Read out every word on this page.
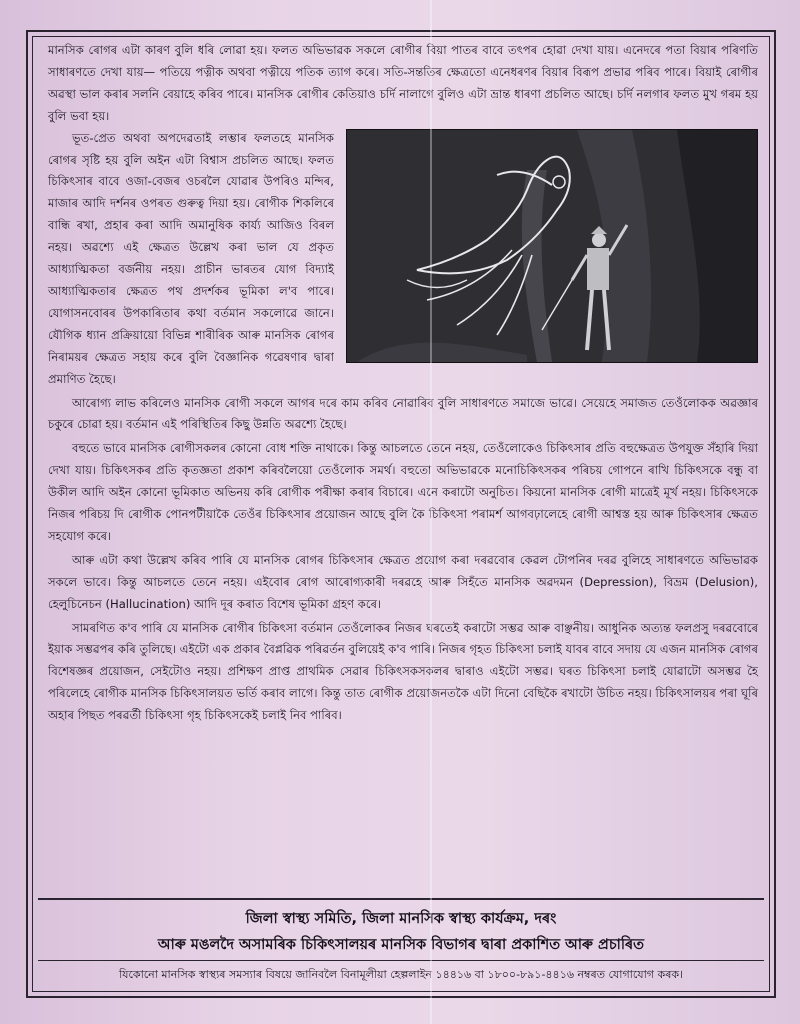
মানসিক ৰোগৰ এটা কাৰণ বুলি ধৰি লোৱা হয়। ফলত অভিভাৱক সকলে ৰোগীৰ বিয়া পাতৰ বাবে তৎপৰ হোৱা দেখা যায়। এনেদৰে পতা বিয়াৰ পৰিণতি সাধাৰণতে দেখা যায়— পতিয়ে পত্নীক অথবা পত্নীয়ে পতিক ত্যাগ কৰে। সতি-সন্ততিৰ ক্ষেত্ৰতো এনেধৰণৰ বিয়াৰ বিৰূপ প্ৰভাৱ পৰিব পাৰে। বিয়াই ৰোগীৰ অৱস্থা ভাল কৰাৰ সলনি বেয়াহে কৰিব পাৰে। মানসিক ৰোগীৰ কেতিয়াও চৰ্দি নালাগে বুলিও এটা ভ্ৰান্ত ধাৰণা প্ৰচলিত আছে। চৰ্দি নলগাৰ ফলত মুখ গৰম হয় বুলি ভবা হয়।

ভূত-প্ৰেত অথবা অপদেৱতাই লম্ভাৰ ফলতহে মানসিক ৰোগৰ সৃষ্টি হয় বুলি অইন এটা বিশ্বাস প্ৰচলিত আছে। ফলত চিকিৎসাৰ বাবে ওজা-বেজৰ ওচৰলৈ যোৱাৰ উপৰিও মন্দিৰ, মাজাৰ আদি দৰ্শনৰ ওপৰত গুৰুত্ব দিয়া হয়। ৰোগীক শিকলিৰে বান্ধি ৰখা, প্ৰহাৰ কৰা আদি অমানুষিক কাৰ্য্য আজিও বিৰল নহয়। অৱশ্যে এই ক্ষেত্ৰত উল্লেখ কৰা ভাল যে প্ৰকৃত আধ্যাত্মিকতা বৰ্জনীয় নহয়। প্ৰাচীন ভাৰতৰ যোগ বিদ্যাই আধ্যাত্মিকতাৰ ক্ষেত্ৰত পথ প্ৰদৰ্শকৰ ভূমিকা ল'ব পাৰে। যোগাসনবোৰৰ উপকাৰিতাৰ কথা বৰ্তমান সকলোৱে জানে। যৌগিক ধ্যান প্ৰক্ৰিয়ায়ো বিভিন্ন শাৰীৰিক আৰু মানসিক ৰোগৰ নিৰাময়ৰ ক্ষেত্ৰত সহায় কৰে বুলি বৈজ্ঞানিক গৱেষণাৰ দ্বাৰা প্ৰমাণিত হৈছে।

আৰোগ্য লাভ কৰিলেও মানসিক ৰোগী সকলে আগৰ দৰে কাম কৰিব নোৱাৰিব বুলি সাধাৰণতে সমাজে ভাৱে। সেয়েহে সমাজত তেওঁলোকক অৱজ্ঞাৰ চকুৰে চোৱা হয়। বৰ্তমান এই পৰিস্থিতিৰ কিছু উন্নতি অৱশ্যে হৈছে।

বহুতে ভাবে মানসিক ৰোগীসকলৰ কোনো বোধ শক্তি নাথাকে। কিন্তু আচলতে তেনে নহয়, তেওঁলোকেও চিকিৎসাৰ প্ৰতি বহুক্ষেত্ৰত উপযুক্ত সঁহাৰি দিয়া দেখা যায়। চিকিৎসকৰ প্ৰতি কৃতজ্ঞতা প্ৰকাশ কৰিবলৈয়ো তেওঁলোক সমৰ্থ। বহুতো অভিভাৱকে মনোচিকিৎসকৰ পৰিচয় গোপনে ৰাখি চিকিৎসকে বন্ধু বা উকীল আদি অইন কোনো ভূমিকাত অভিনয় কৰি ৰোগীক পৰীক্ষা কৰাৰ বিচাৰে। এনে কৰাটো অনুচিত। কিয়নো মানসিক ৰোগী মাত্ৰেই মূৰ্খ নহয়। চিকিৎসকে নিজৰ পৰিচয় দি ৰোগীক পোনপটীয়াকৈ তেওঁৰ চিকিৎসাৰ প্ৰয়োজন আছে বুলি কৈ চিকিৎসা পৰামৰ্শ আগবঢ়ালেহে ৰোগী আশ্বস্ত হয় আৰু চিকিৎসাৰ ক্ষেত্ৰত সহযোগ কৰে।

আৰু এটা কথা উল্লেখ কৰিব পাৰি যে মানসিক ৰোগৰ চিকিৎসাৰ ক্ষেত্ৰত প্ৰয়োগ কৰা দৰৱবোৰ কেৱল টোপনিৰ দৰৱ বুলিহে সাধাৰণতে অভিভাৱক সকলে ভাবে। কিন্তু আচলতে তেনে নহয়। এইবোৰ ৰোগ আৰোগ্যকাৰী দৰৱহে আৰু সিহঁতে মানসিক অৱদমন (Depression), বিভ্ৰম (Delusion), হেলুচিনেচন (Hallucination) আদি দূৰ কৰাত বিশেষ ভূমিকা গ্ৰহণ কৰে।

সামৰণিত ক'ব পাৰি যে মানসিক ৰোগীৰ চিকিৎসা বৰ্তমান তেওঁলোকৰ নিজৰ ঘৰতেই কৰাটো সম্ভৱ আৰু বাঞ্ছনীয়। আধুনিক অত্যন্ত ফলপ্ৰসু দৰৱবোৰে ইয়াক সম্ভৱপৰ কৰি তুলিছে। এইটো এক প্ৰকাৰ বৈপ্লৱিক পৰিৱৰ্তন বুলিয়েই ক'ব পাৰি। নিজৰ গৃহত চিকিৎসা চলাই যাবৰ বাবে সদায় যে এজন মানসিক ৰোগৰ বিশেষজ্ঞৰ প্ৰয়োজন, সেইটোও নহয়। প্ৰশিক্ষণ প্ৰাপ্ত প্ৰাথমিক সেৱাৰ চিকিৎসকসকলৰ দ্বাৰাও এইটো সম্ভৱ। ঘৰত চিকিৎসা চলাই যোৱাটো অসম্ভৱ হৈ পৰিলেহে ৰোগীক মানসিক চিকিৎসালয়ত ভৰ্তি কৰাব লাগে। কিন্তু তাত ৰোগীক প্ৰয়োজনতকৈ এটা দিনো বেছিকৈ ৰখাটো উচিত নহয়। চিকিৎসালয়ৰ পৰা ঘূৰি অহাৰ পিছত পৰৱৰ্তী চিকিৎসা গৃহ চিকিৎসকেই চলাই নিব পাৰিব।

জিলা স্বাস্থ্য সমিতি, জিলা মানসিক স্বাস্থ্য কাৰ্যক্ৰম, দৰং
আৰু মঙলদৈ অসামৰিক চিকিৎসালয়ৰ মানসিক বিভাগৰ দ্বাৰা প্ৰকাশিত আৰু প্ৰচাৰিত
যিকোনো মানসিক স্বাস্থ্যৰ সমস্যাৰ বিষয়ে জানিবলৈ বিনামূলীয়া হেল্পলাইন ১৪৪১৬ বা ১৮০০-৮৯১-৪৪১৬ নম্বৰত যোগাযোগ কৰক।
